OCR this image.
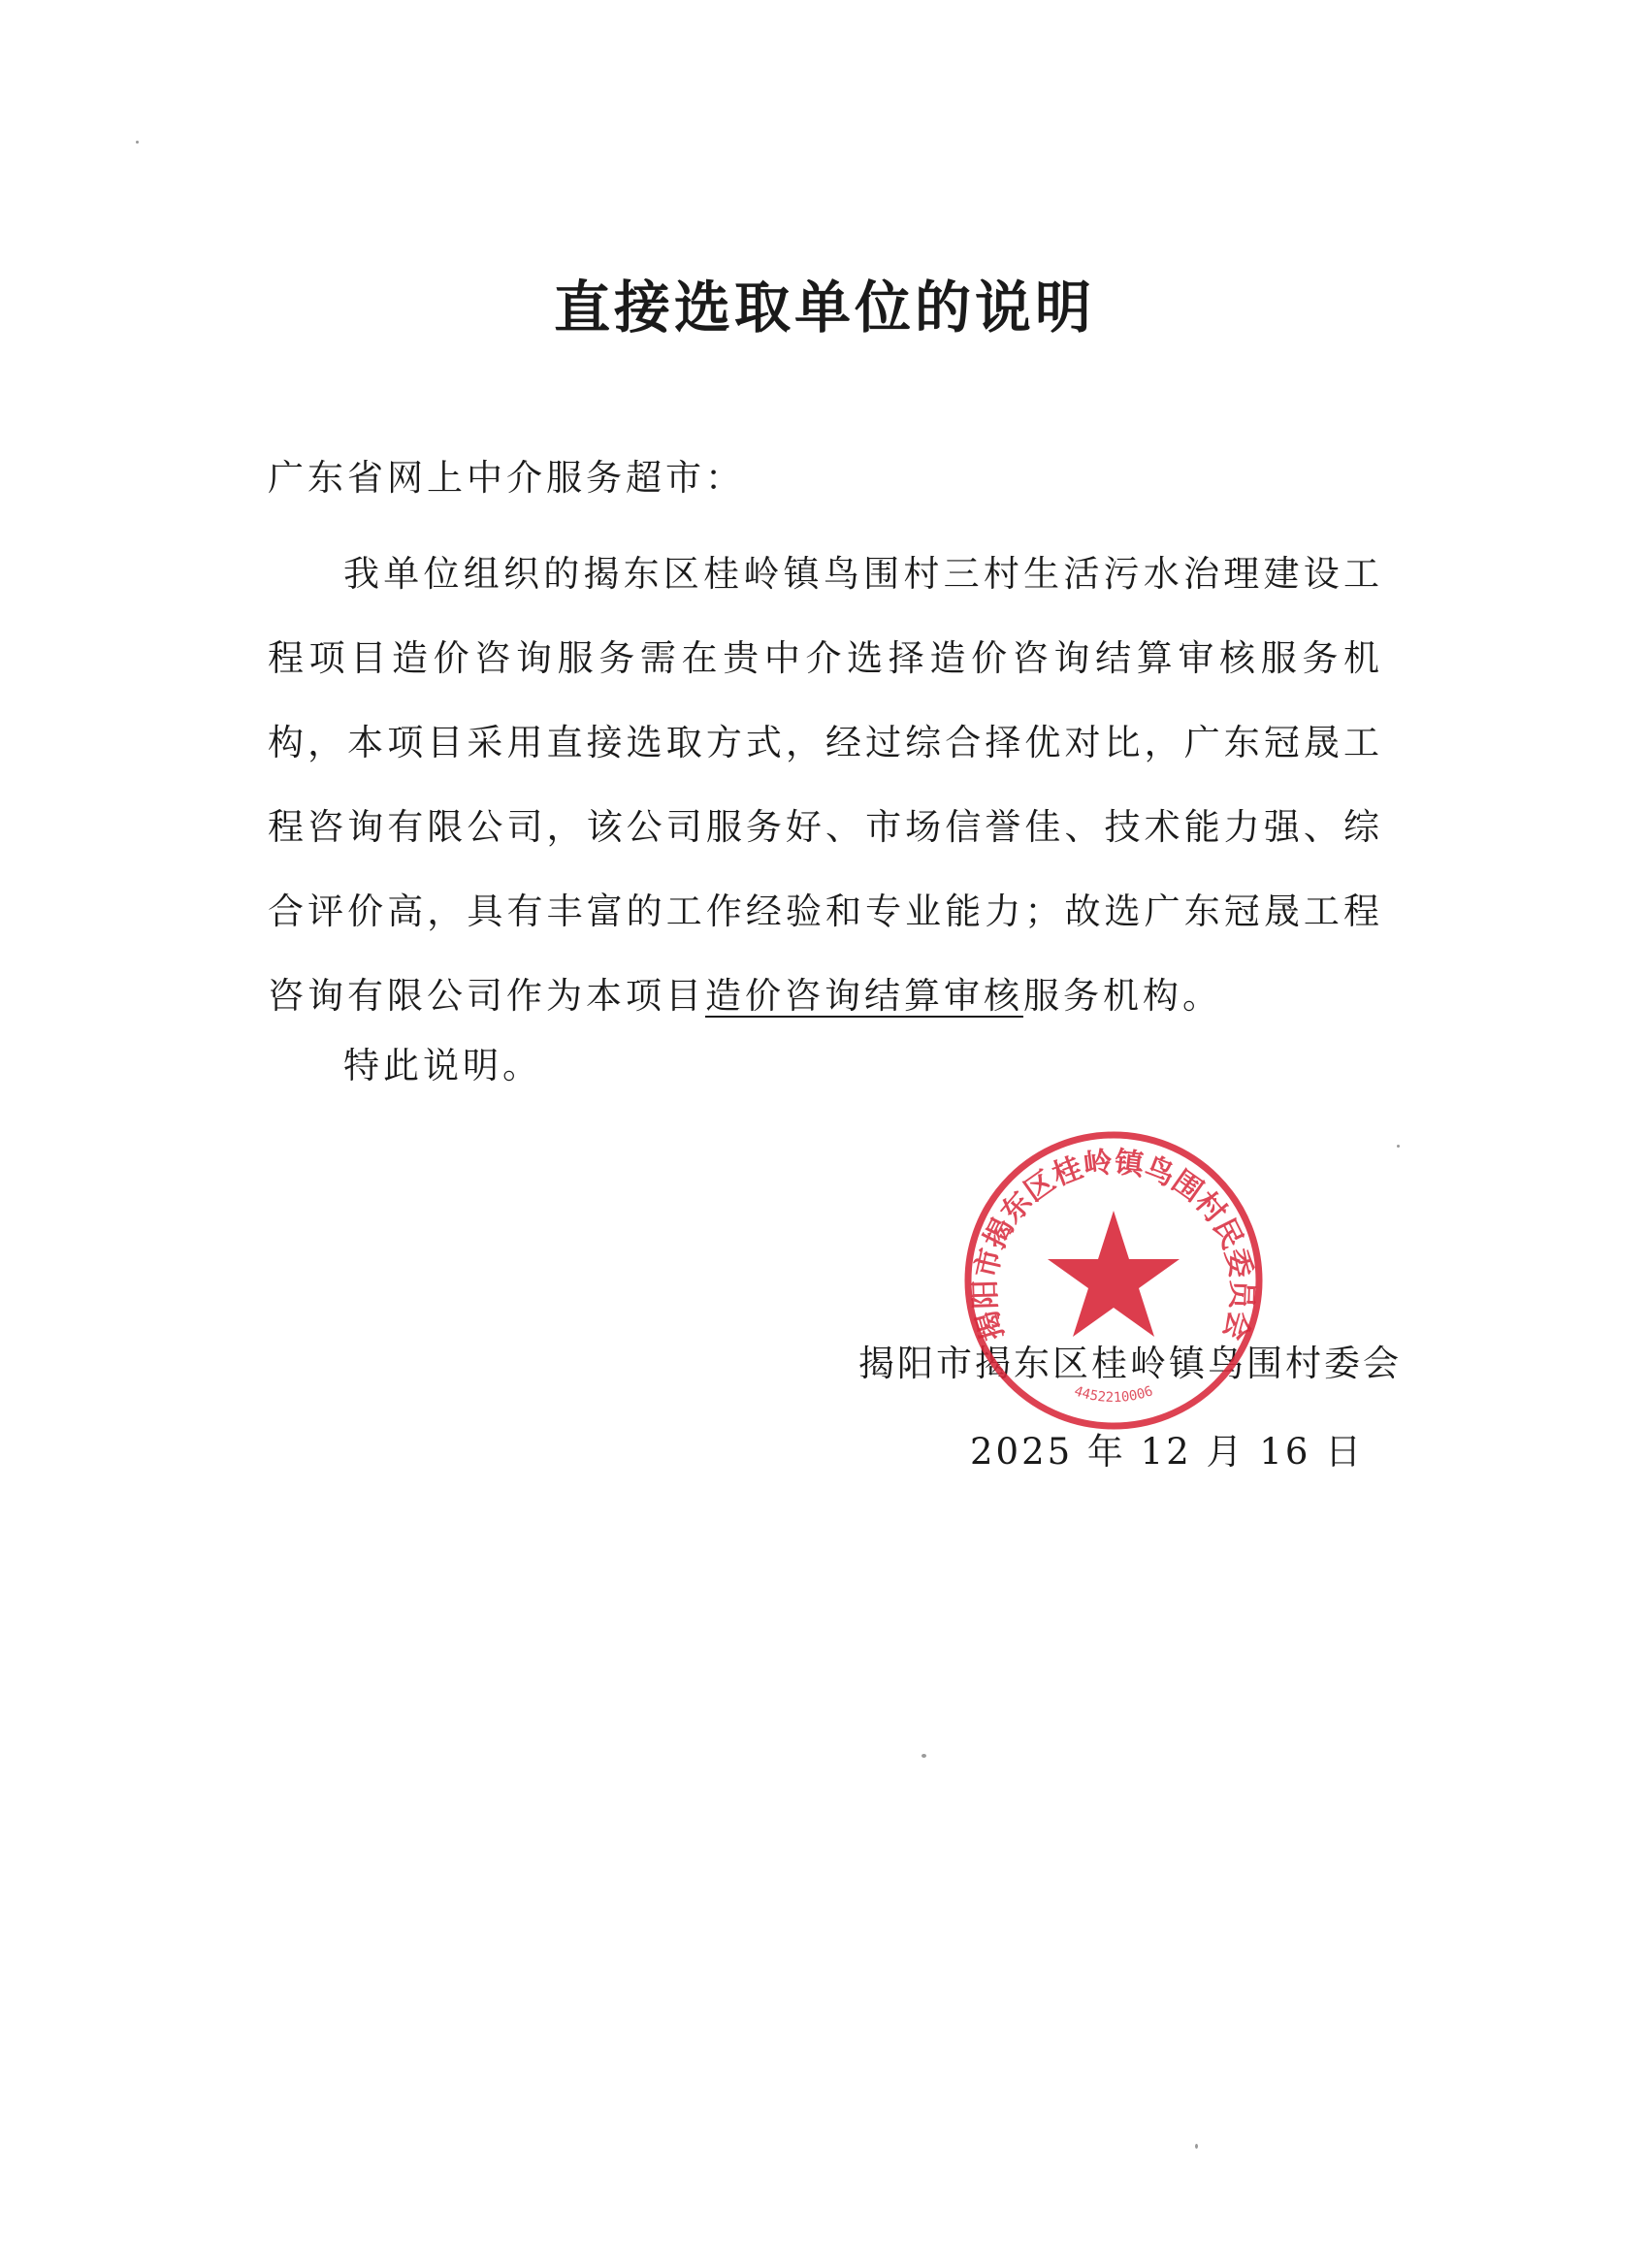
直接选取单位的说明
广东省网上中介服务超市：
我单位组织的揭东区桂岭镇鸟围村三村生活污水治理建设工程项目造价咨询服务需在贵中介选择造价咨询结算审核服务机构，本项目采用直接选取方式，经过综合择优对比，广东冠晟工程咨询有限公司，该公司服务好、市场信誉佳、技术能力强、综合评价高，具有丰富的工作经验和专业能力；故选广东冠晟工程咨询有限公司作为本项目造价咨询结算审核服务机构。
特此说明。
揭阳市揭东区桂岭镇鸟围村委会
2025 年 12 月 16 日
揭阳市揭东区桂岭镇鸟围村民委员会
4452210006
